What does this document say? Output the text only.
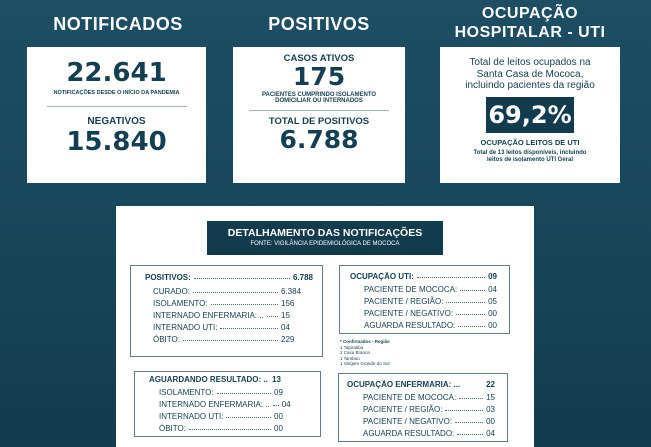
NOTIFICADOS	POSITIVOS
OCUPAÇÃO
HOSPITALAR - UTI
22.641
NOTIFICAÇÕES DESDE O INÍCIO DA PANDEMIA
NEGATIVOS
15.840
CASOS ATIVOS
175
PACIENTES CUMPRINDO ISOLAMENTO
DOMICILIAR OU INTERNADOS
TOTAL DE POSITIVOS
6.788
Total de leitos ocupados na
Santa Casa de Mococa,
incluindo pacientes da região
69,2%
OCUPAÇÃO LEITOS DE UTI
Total de 13 leitos disponíveis, incluindo
leitos de isolamento UTI Geral
DETALHAMENTO DAS NOTIFICAÇÕES
FONTE: VIGILÂNCIA EPIDEMIOLÓGICA DE MOCOCA
POSITIVOS:	6.788
CURADO:	6.384
ISOLAMENTO:	156
INTERNADO ENFERMARIA: .. 15
INTERNADO UTI:	04
ÓBITO:	229
AGUARDANDO RESULTADO: .. 13
ISOLAMENTO:	09
INTERNADO ENFERMARIA: .. 04
INTERNADO UTI:	00
ÓBITO:	00
OCUPAÇÃO UTI:	09
PACIENTE DE MOCOCA:	04
PACIENTE / REGIÃO:	05
PACIENTE / NEGATIVO:	00
AGUARDA RESULTADO:	00
* Confirmados - Região
1 Tapiratiba
2 Casa Branca
1 Tambaú
1 Vargem Grande do Sul
OCUPAÇÃO ENFERMARIA: ...	22
PACIENTE DE MOCOCA:	15
PACIENTE / REGIÃO:	03
PACIENTE / NEGATIVO:	00
AGUARDA RESULTADO:	04
